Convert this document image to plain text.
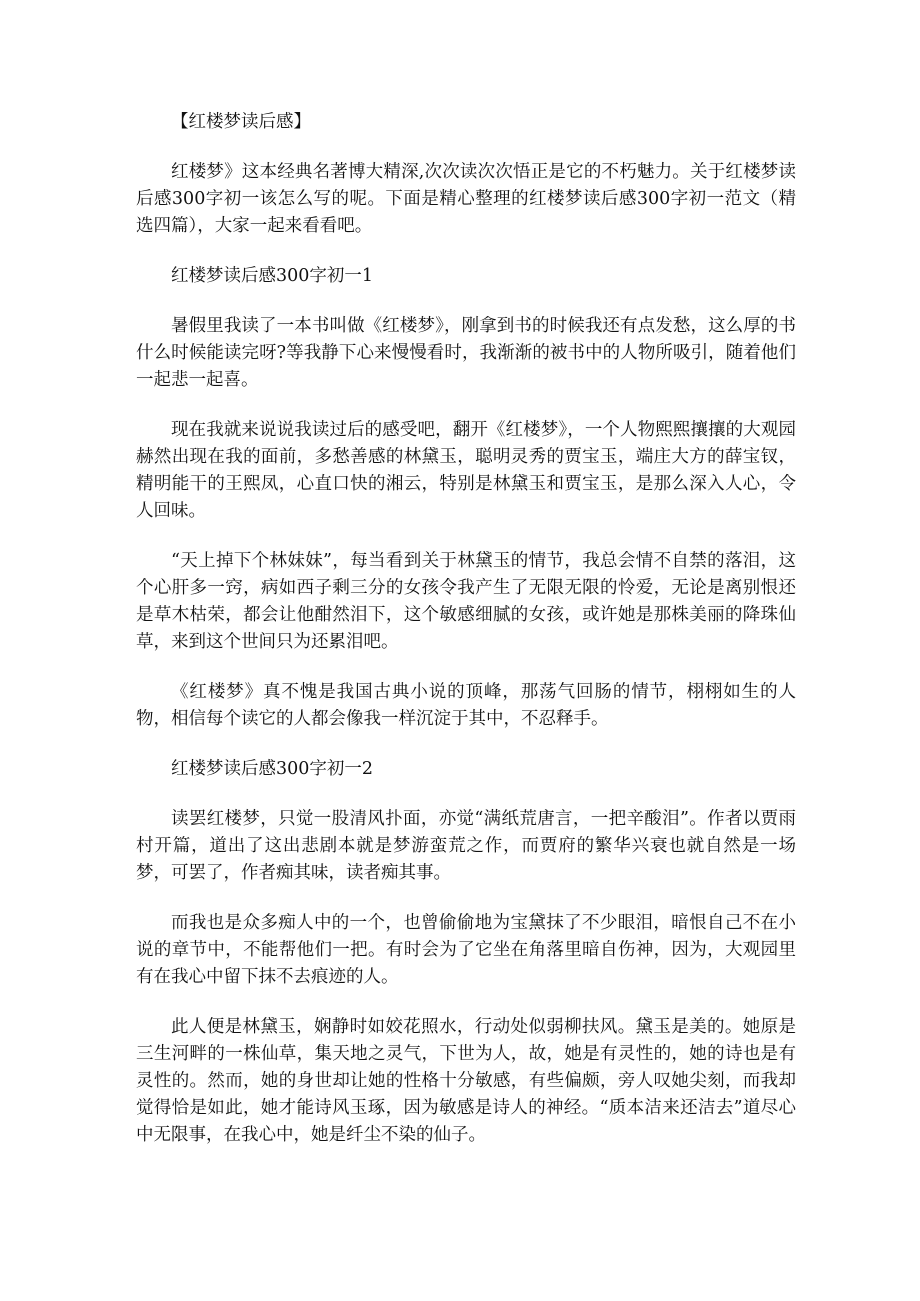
【红楼梦读后感】

红楼梦》这本经典名著博大精深,次次读次次悟正是它的不朽魅力。关于红楼梦读后感300字初一该怎么写的呢。下面是精心整理的红楼梦读后感300字初一范文（精选四篇），大家一起来看看吧。

红楼梦读后感300字初一1

暑假里我读了一本书叫做《红楼梦》，刚拿到书的时候我还有点发愁，这么厚的书什么时候能读完呀?等我静下心来慢慢看时，我渐渐的被书中的人物所吸引，随着他们一起悲一起喜。

现在我就来说说我读过后的感受吧，翻开《红楼梦》，一个人物熙熙攘攘的大观园赫然出现在我的面前，多愁善感的林黛玉，聪明灵秀的贾宝玉，端庄大方的薛宝钗，精明能干的王熙凤，心直口快的湘云，特别是林黛玉和贾宝玉，是那么深入人心，令人回味。

“天上掉下个林妹妹”，每当看到关于林黛玉的情节，我总会情不自禁的落泪，这个心肝多一窍，病如西子剩三分的女孩令我产生了无限无限的怜爱，无论是离别恨还是草木枯荣，都会让他酣然泪下，这个敏感细腻的女孩，或许她是那株美丽的降珠仙草，来到这个世间只为还累泪吧。

《红楼梦》真不愧是我国古典小说的顶峰，那荡气回肠的情节，栩栩如生的人物，相信每个读它的人都会像我一样沉淀于其中，不忍释手。

红楼梦读后感300字初一2

读罢红楼梦，只觉一股清风扑面，亦觉“满纸荒唐言，一把辛酸泪”。作者以贾雨村开篇，道出了这出悲剧本就是梦游蛮荒之作，而贾府的繁华兴衰也就自然是一场梦，可罢了，作者痴其味，读者痴其事。

而我也是众多痴人中的一个，也曾偷偷地为宝黛抹了不少眼泪，暗恨自己不在小说的章节中，不能帮他们一把。有时会为了它坐在角落里暗自伤神，因为，大观园里有在我心中留下抹不去痕迹的人。

此人便是林黛玉，娴静时如姣花照水，行动处似弱柳扶风。黛玉是美的。她原是三生河畔的一株仙草，集天地之灵气，下世为人，故，她是有灵性的，她的诗也是有灵性的。然而，她的身世却让她的性格十分敏感，有些偏颇，旁人叹她尖刻，而我却觉得恰是如此，她才能诗风玉琢，因为敏感是诗人的神经。“质本洁来还洁去”道尽心中无限事，在我心中，她是纤尘不染的仙子。
